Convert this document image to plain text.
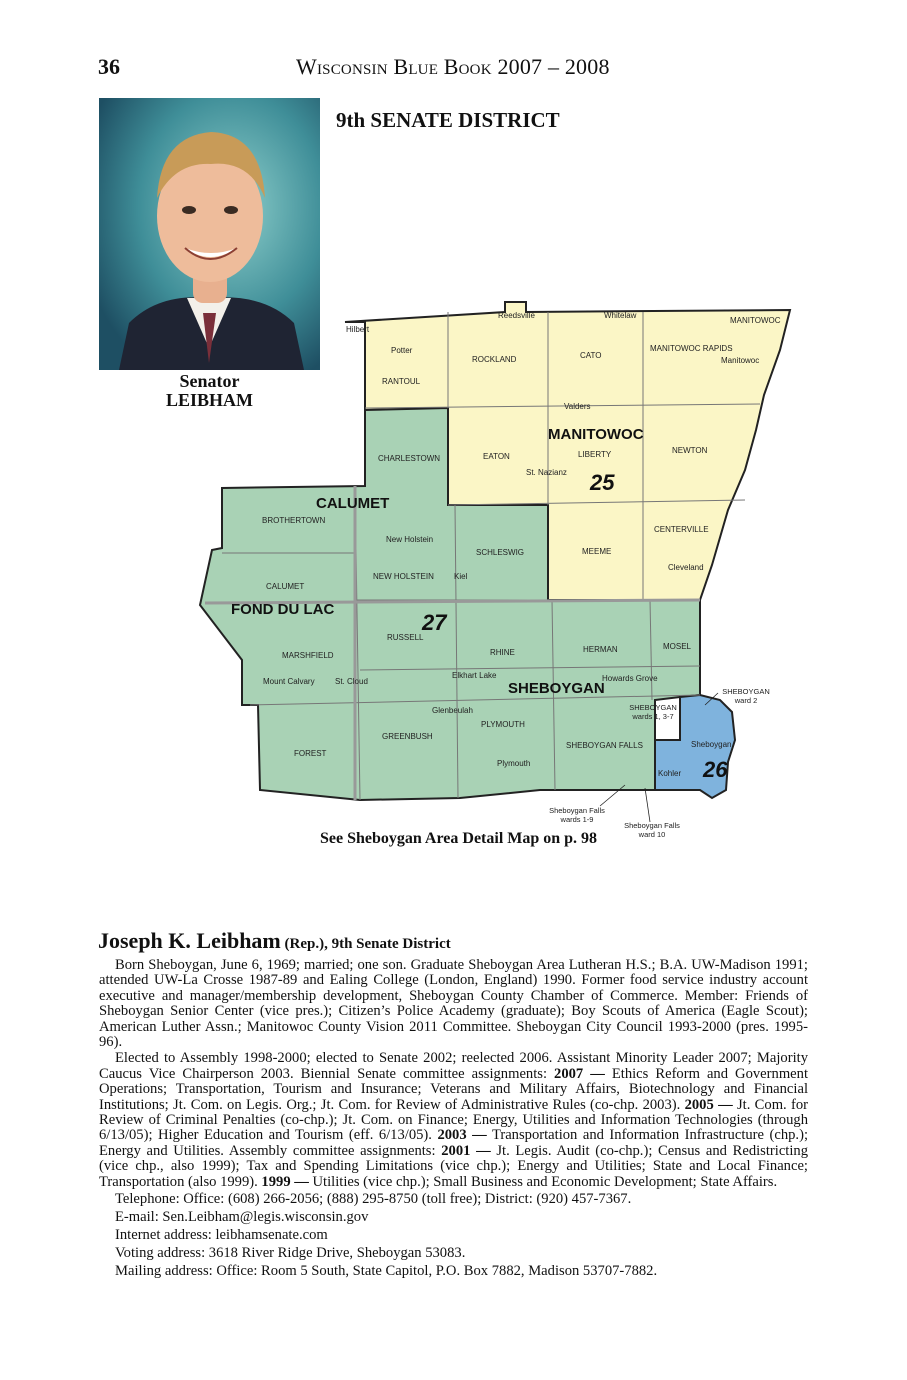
36	Wisconsin Blue Book 2007 – 2008
Senator
LEIBHAM
9th SENATE DISTRICT
MANITOWOC
CALUMET
FOND DU LAC
SHEBOYGAN
25
27
26
RANTOUL
ROCKLAND	CATO
MANITOWOC RAPIDS
CHARLESTOWN	EATON	LIBERTY	NEWTON
BROTHERTOWN
SCHLESWIG	MEEME
CENTERVILLE
CALUMET
NEW HOLSTEIN
MARSHFIELD
RUSSELL
RHINE	HERMAN	MOSEL
GREENBUSH
PLYMOUTH
SHEBOYGAN FALLS
FOREST
MANITOWOC
Hilbert
Reedsville	Whitelaw
Potter
Manitowoc
Valders
St. Nazianz
New Holstein
Kiel
Cleveland
Mount Calvary	St. Cloud
Elkhart Lake	Howards Grove
Glenbeulah
Plymouth
Kohler
Sheboygan
SHEBOYGAN
ward 2
SHEBOYGAN
wards 1, 3-7
Sheboygan Falls
wards 1-9
Sheboygan Falls
ward 10
See Sheboygan Area Detail Map on p. 98
Joseph K. Leibham (Rep.), 9th Senate District

Born Sheboygan, June 6, 1969; married; one son. Graduate Sheboygan Area Lutheran H.S.; B.A. UW-Madison 1991; attended UW-La Crosse 1987-89 and Ealing College (London, England) 1990. Former food service industry account executive and manager/membership development, Sheboygan County Chamber of Commerce. Member: Friends of Sheboygan Senior Center (vice pres.); Citizen’s Police Academy (graduate); Boy Scouts of America (Eagle Scout); American Luther Assn.; Manitowoc County Vision 2011 Committee. Sheboygan City Council 1993-2000 (pres. 1995-96).

Elected to Assembly 1998-2000; elected to Senate 2002; reelected 2006. Assistant Minority Leader 2007; Majority Caucus Vice Chairperson 2003. Biennial Senate committee assignments: 2007 — Ethics Reform and Government Operations; Transportation, Tourism and Insurance; Veterans and Military Affairs, Biotechnology and Financial Institutions; Jt. Com. on Legis. Org.; Jt. Com. for Review of Administrative Rules (co-chp. 2003). 2005 — Jt. Com. for Review of Criminal Penalties (co-chp.); Jt. Com. on Finance; Energy, Utilities and Information Technologies (through 6/13/05); Higher Education and Tourism (eff. 6/13/05). 2003 — Transportation and Information Infrastructure (chp.); Energy and Utilities. Assembly committee assignments: 2001 — Jt. Legis. Audit (co-chp.); Census and Redistricting (vice chp., also 1999); Tax and Spending Limitations (vice chp.); Energy and Utilities; State and Local Finance; Transportation (also 1999). 1999 — Utilities (vice chp.); Small Business and Economic Development; State Affairs.

Telephone: Office: (608) 266-2056; (888) 295-8750 (toll free); District: (920) 457-7367.

E-mail: Sen.Leibham@legis.wisconsin.gov

Internet address: leibhamsenate.com

Voting address: 3618 River Ridge Drive, Sheboygan 53083.

Mailing address: Office: Room 5 South, State Capitol, P.O. Box 7882, Madison 53707-7882.
